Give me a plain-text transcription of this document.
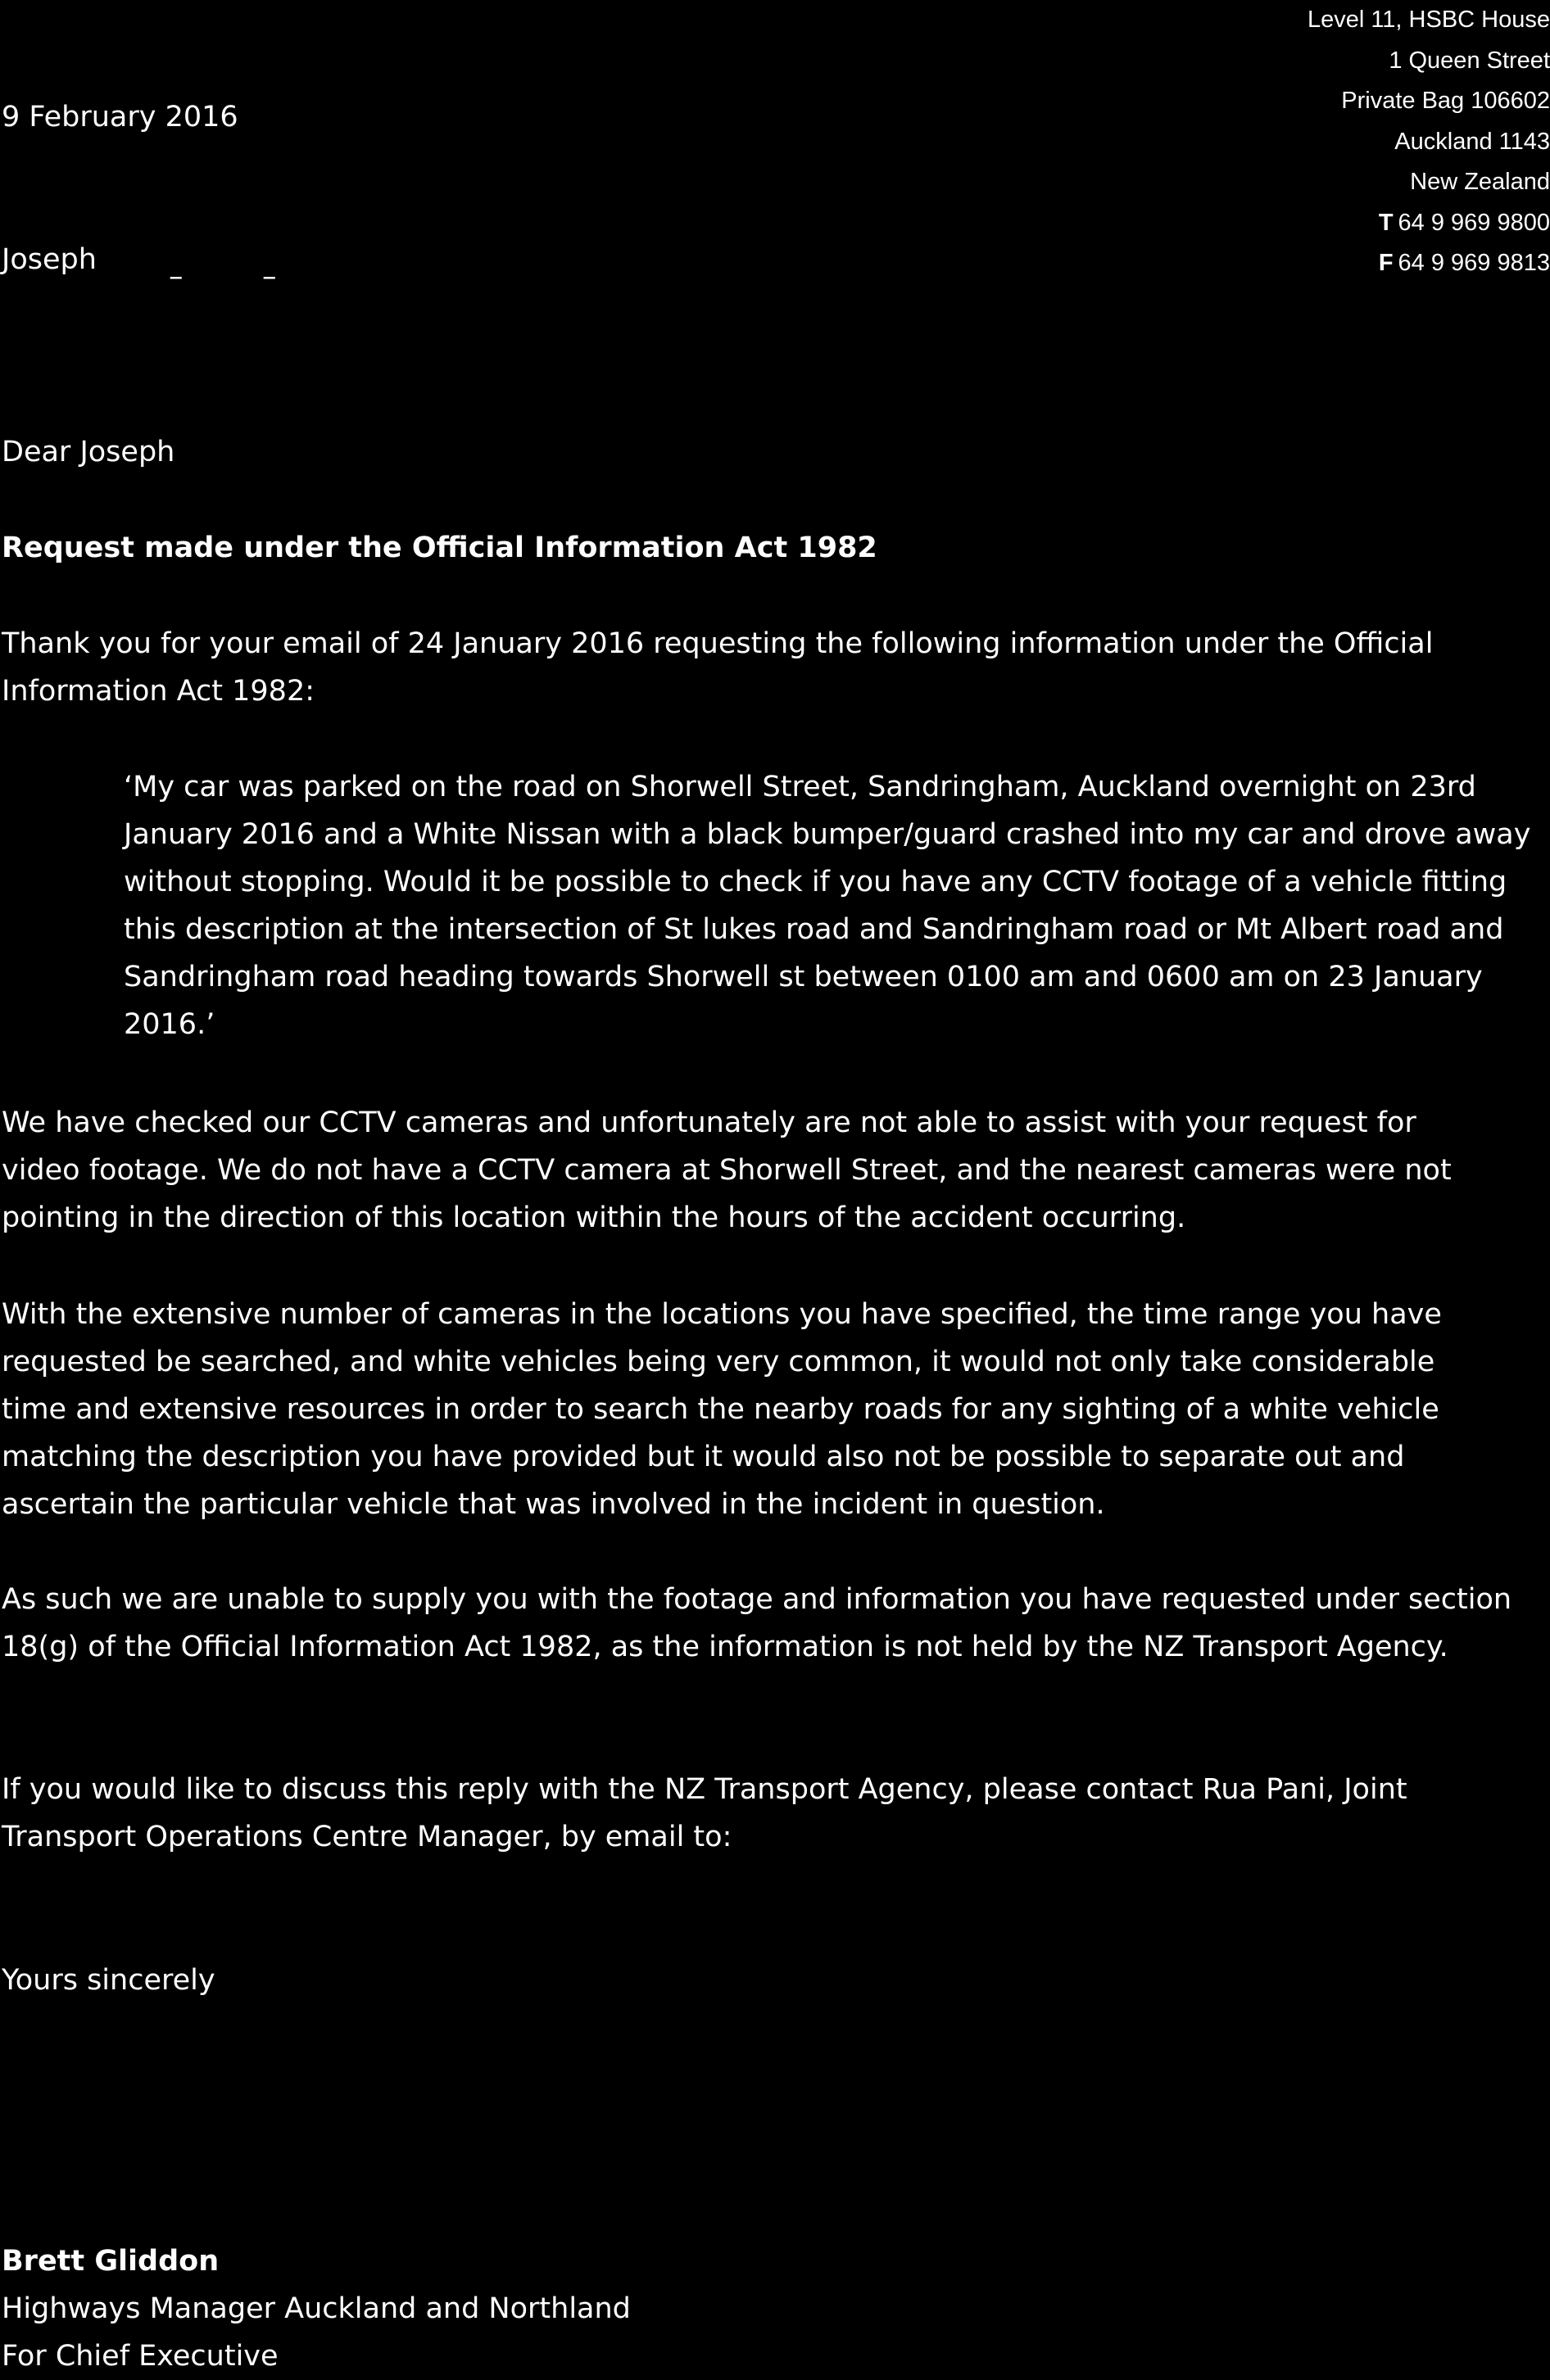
Level 11, HSBC House
1 Queen Street
Private Bag 106602
Auckland 1143
New Zealand
T 64 9 969 9800
F 64 9 969 9813
9 February 2016
Joseph
–	–
Dear Joseph
Request made under the Official Information Act 1982

Thank you for your email of 24 January 2016 requesting the following information under the Official Information Act 1982:

‘My car was parked on the road on Shorwell Street, Sandringham, Auckland overnight on 23rd January 2016 and a White Nissan with a black bumper/guard crashed into my car and drove away without stopping. Would it be possible to check if you have any CCTV footage of a vehicle fitting this description at the intersection of St lukes road and Sandringham road or Mt Albert road and Sandringham road heading towards Shorwell st between 0100 am and 0600 am on 23 January 2016.’

We have checked our CCTV cameras and unfortunately are not able to assist with your request for video footage. We do not have a CCTV camera at Shorwell Street, and the nearest cameras were not pointing in the direction of this location within the hours of the accident occurring.

With the extensive number of cameras in the locations you have specified, the time range you have requested be searched, and white vehicles being very common, it would not only take considerable time and extensive resources in order to search the nearby roads for any sighting of a white vehicle matching the description you have provided but it would also not be possible to separate out and ascertain the particular vehicle that was involved in the incident in question.

As such we are unable to supply you with the footage and information you have requested under section 18(g) of the Official Information Act 1982, as the information is not held by the NZ Transport Agency.

If you would like to discuss this reply with the NZ Transport Agency, please contact Rua Pani, Joint Transport Operations Centre Manager, by email to:

Yours sincerely
Brett Gliddon
Highways Manager Auckland and Northland
For Chief Executive
